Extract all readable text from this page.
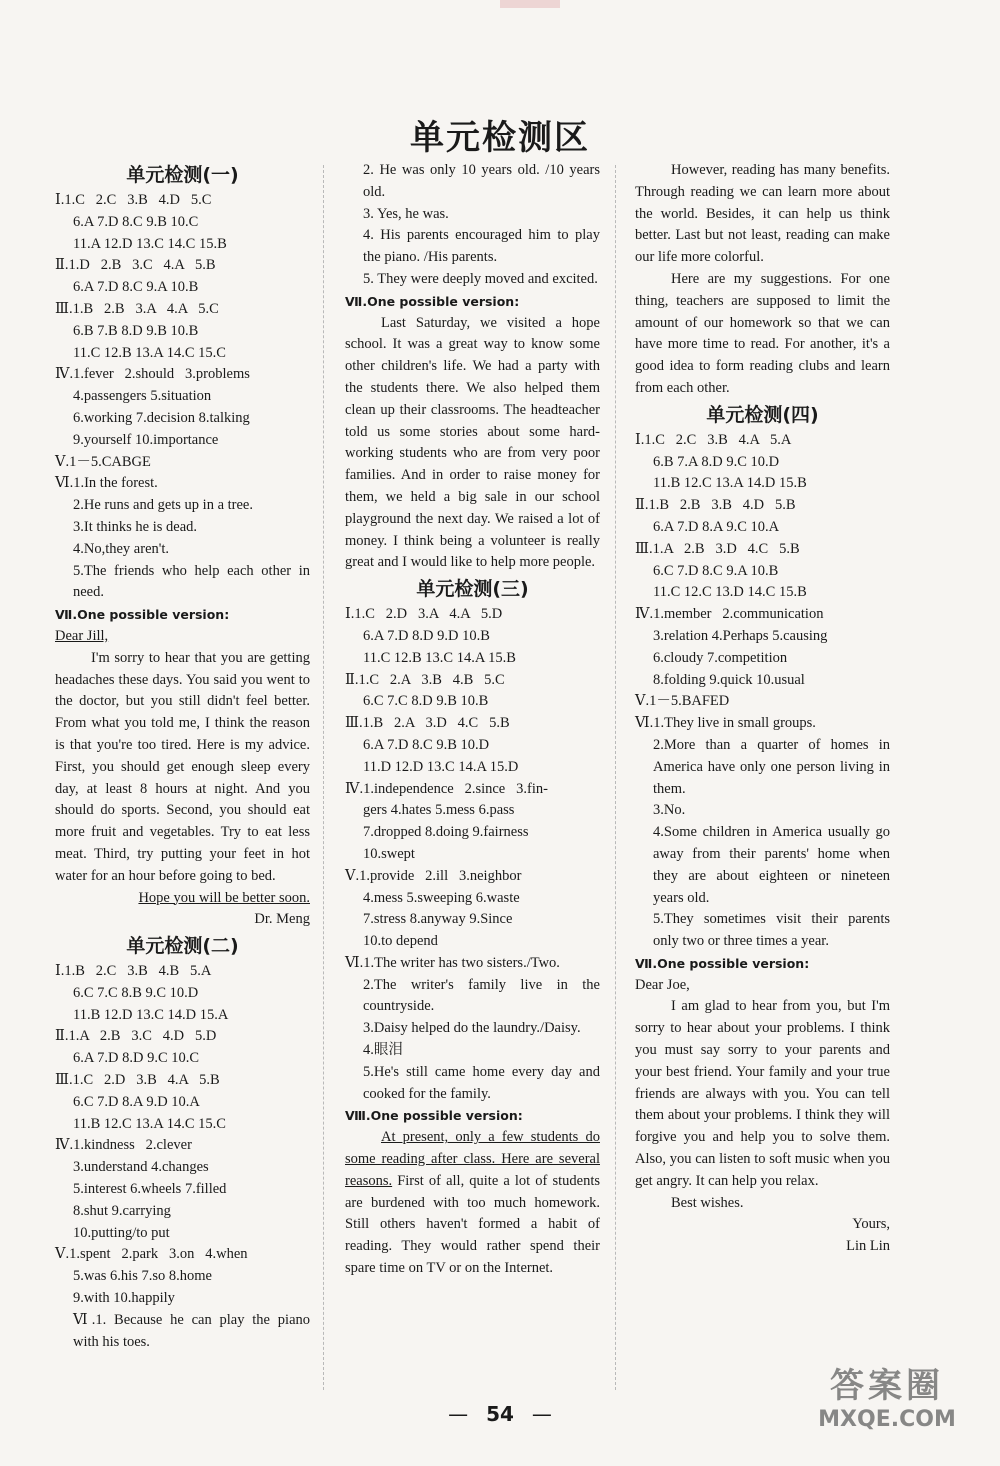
单元检测区
单元检测(一)
Ⅰ.1.C   2.C   3.B   4.D   5.C
6.A 7.D 8.C 9.B 10.C
11.A 12.D 13.C 14.C 15.B
Ⅱ.1.D   2.B   3.C   4.A   5.B
6.A 7.D 8.C 9.A 10.B
Ⅲ.1.B   2.B   3.A   4.A   5.C
6.B 7.B 8.D 9.B 10.B
11.C 12.B 13.A 14.C 15.C
Ⅳ.1.fever   2.should   3.problems
4.passengers 5.situation
6.working 7.decision 8.talking
9.yourself 10.importance
Ⅴ.1－5.CABGE
Ⅵ.1.In the forest.
2.He runs and gets up in a tree.
3.It thinks he is dead.
4.No,they aren't.
5.The friends who help each other in need.
Ⅶ.One possible version:
Dear Jill,
I'm sorry to hear that you are getting headaches these days. You said you went to the doctor, but you still didn't feel better. From what you told me, I think the reason is that you're too tired. Here is my advice. First, you should get enough sleep every day, at least 8 hours at night. And you should do sports. Second, you should eat more fruit and vegetables. Try to eat less meat. Third, try putting your feet in hot water for an hour before going to bed.
Hope you will be better soon.
Dr. Meng
单元检测(二)
Ⅰ.1.B   2.C   3.B   4.B   5.A
6.C 7.C 8.B 9.C 10.D
11.B 12.D 13.C 14.D 15.A
Ⅱ.1.A   2.B   3.C   4.D   5.D
6.A 7.D 8.D 9.C 10.C
Ⅲ.1.C   2.D   3.B   4.A   5.B
6.C 7.D 8.A 9.D 10.A
11.B 12.C 13.A 14.C 15.C
Ⅳ.1.kindness   2.clever
3.understand 4.changes
5.interest 6.wheels 7.filled
8.shut 9.carrying
10.putting/to put
Ⅴ.1.spent   2.park   3.on   4.when
5.was 6.his 7.so 8.home
9.with 10.happily
Ⅵ.1. Because he can play the piano with his toes.
2. He was only 10 years old. /10 years old.
3. Yes, he was.
4. His parents encouraged him to play the piano. /His parents.
5. They were deeply moved and excited.
Ⅶ.One possible version:
Last Saturday, we visited a hope school. It was a great way to know some other children's life. We had a party with the students there. We also helped them clean up their classrooms. The headteacher told us some stories about some hard-working students who are from very poor families. And in order to raise money for them, we held a big sale in our school playground the next day. We raised a lot of money. I think being a volunteer is really great and I would like to help more people.
单元检测(三)
Ⅰ.1.C   2.D   3.A   4.A   5.D
6.A 7.D 8.D 9.D 10.B
11.C 12.B 13.C 14.A 15.B
Ⅱ.1.C   2.A   3.B   4.B   5.C
6.C 7.C 8.D 9.B 10.B
Ⅲ.1.B   2.A   3.D   4.C   5.B
6.A 7.D 8.C 9.B 10.D
11.D 12.D 13.C 14.A 15.D
Ⅳ.1.independence   2.since   3.fin-
gers 4.hates 5.mess 6.pass
7.dropped 8.doing 9.fairness
10.swept
Ⅴ.1.provide   2.ill   3.neighbor
4.mess 5.sweeping 6.waste
7.stress 8.anyway 9.Since
10.to depend
Ⅵ.1.The writer has two sisters./Two.
2.The writer's family live in the countryside.
3.Daisy helped do the laundry./Daisy.
4.眼泪
5.He's still came home every day and cooked for the family.
Ⅷ.One possible version:
At present, only a few students do some reading after class. Here are several reasons. First of all, quite a lot of students are burdened with too much homework. Still others haven't formed a habit of reading. They would rather spend their spare time on TV or on the Internet.
However, reading has many benefits. Through reading we can learn more about the world. Besides, it can help us think better. Last but not least, reading can make our life more colorful.
Here are my suggestions. For one thing, teachers are supposed to limit the amount of our homework so that we can have more time to read. For another, it's a good idea to form reading clubs and learn from each other.
单元检测(四)
Ⅰ.1.C   2.C   3.B   4.A   5.A
6.B 7.A 8.D 9.C 10.D
11.B 12.C 13.A 14.D 15.B
Ⅱ.1.B   2.B   3.B   4.D   5.B
6.A 7.D 8.A 9.C 10.A
Ⅲ.1.A   2.B   3.D   4.C   5.B
6.C 7.D 8.C 9.A 10.B
11.C 12.C 13.D 14.C 15.B
Ⅳ.1.member   2.communication
3.relation 4.Perhaps 5.causing
6.cloudy 7.competition
8.folding 9.quick 10.usual
Ⅴ.1－5.BAFED
Ⅵ.1.They live in small groups.
2.More than a quarter of homes in America have only one person living in them.
3.No.
4.Some children in America usually go away from their parents' home when they are about eighteen or nineteen years old.
5.They sometimes visit their parents only two or three times a year.
Ⅶ.One possible version:
Dear Joe,
I am glad to hear from you, but I'm sorry to hear about your problems. I think you must say sorry to your parents and your best friend. Your family and your true friends are always with you. You can tell them about your problems. I think they will forgive you and help you to solve them. Also, you can listen to soft music when you get angry. It can help you relax.
Best wishes.
Yours,
Lin Lin
— 54 —
答案圈
MXQE.COM
